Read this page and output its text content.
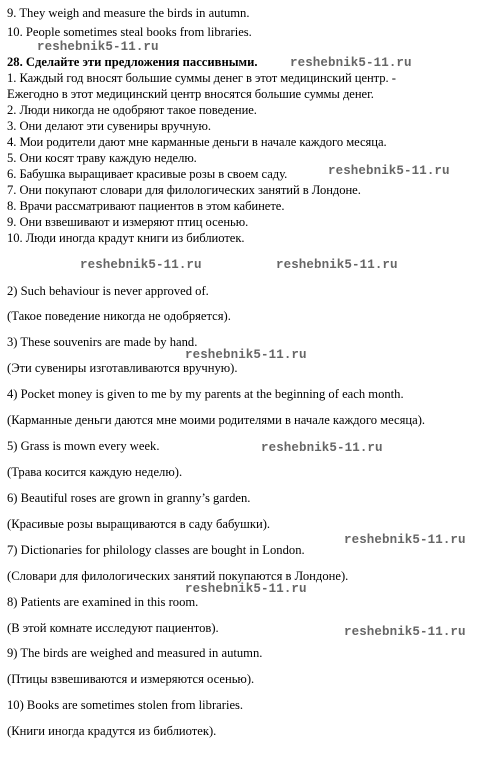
9. They weigh and measure the birds in autumn.
10. People sometimes steal books from libraries.
28. Сделайте эти предложения пассивными.
1. Каждый год вносят большие суммы денег в этот медицинский центр. -
Ежегодно в этот медицинский центр вносятся большие суммы денег.
2. Люди никогда не одобряют такое поведение.
3. Они делают эти сувениры вручную.
4. Мои родители дают мне карманные деньги в начале каждого месяца.
5. Они косят траву каждую неделю.
6. Бабушка выращивает красивые розы в своем саду.
7. Они покупают словари для филологических занятий в Лондоне.
8. Врачи рассматривают пациентов в этом кабинете.
9. Они взвешивают и измеряют птиц осенью.
10. Люди иногда крадут книги из библиотек.
2) Such behaviour is never approved of.
(Такое поведение никогда не одобряется).
3) These souvenirs are made by hand.
(Эти сувениры изготавливаются вручную).
4) Pocket money is given to me by my parents at the beginning of each month.
(Карманные деньги даются мне моими родителями в начале каждого месяца).
5) Grass is mown every week.
(Трава косится каждую неделю).
6) Beautiful roses are grown in granny’s garden.
(Красивые розы выращиваются в саду бабушки).
7) Dictionaries for philology classes are bought in London.
(Словари для филологических занятий покупаются в Лондоне).
8) Patients are examined in this room.
(В этой комнате исследуют пациентов).
9) The birds are weighed and measured in autumn.
(Птицы взвешиваются и измеряются осенью).
10) Books are sometimes stolen from libraries.
(Книги иногда крадутся из библиотек).
reshebnik5-11.ru
reshebnik5-11.ru
reshebnik5-11.ru
reshebnik5-11.ru	reshebnik5-11.ru
reshebnik5-11.ru
reshebnik5-11.ru
reshebnik5-11.ru
reshebnik5-11.ru
reshebnik5-11.ru
